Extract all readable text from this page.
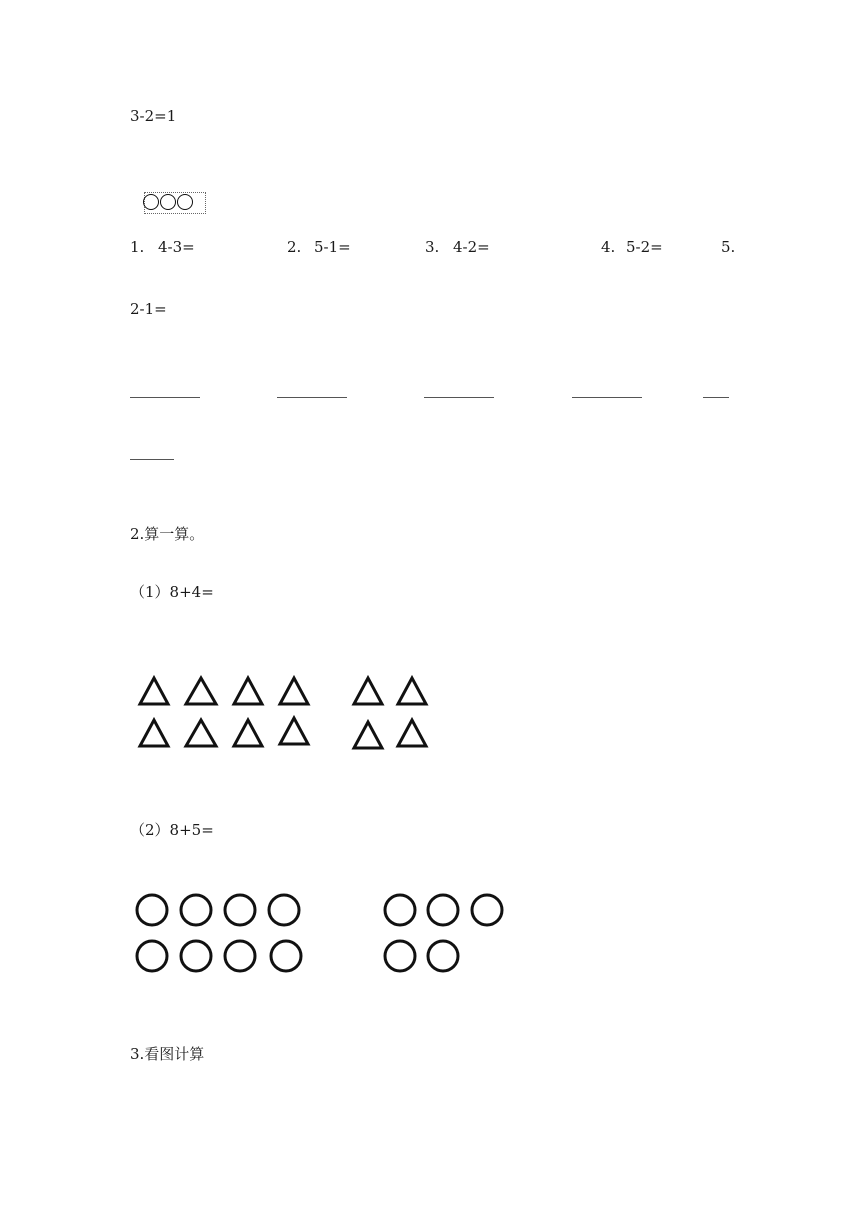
3-2=1
1. 4-3=	2. 5-1=	3. 4-2=	4. 5-2=	5.
2-1=
2.算一算。
（1）8+4=
（2）8+5=
3.看图计算
